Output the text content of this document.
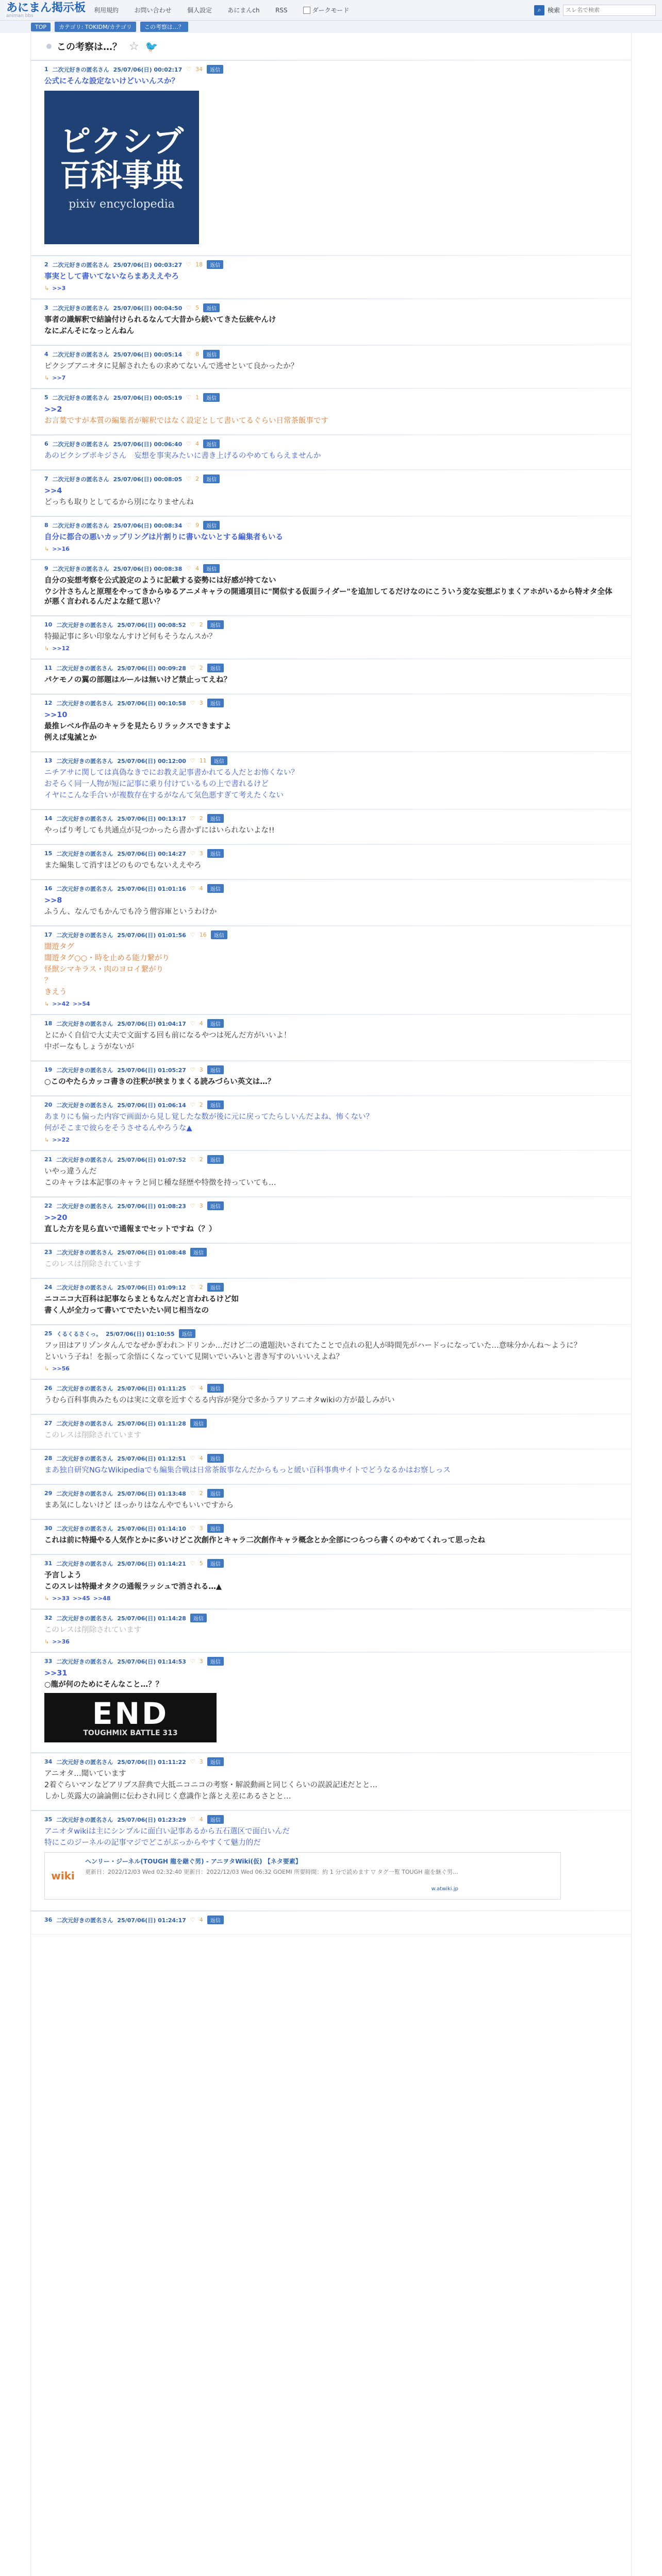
あにまん掲示板
animan bbs
利用規約	お問い合わせ	個人設定	あにまんch	RSS	ダークモード	⌕	検索
スレ名で検索
TOP	カテゴリ: TOKIDM/カテゴリ	この考察は…？
この考察は…？ ☆ 🐦
1 二次元好きの匿名さん 25/07/06(日) 00:02:17 ♡ 34	返信

公式にそんな設定ないけどいいんスか？

ピクシブ
百科事典
pixiv encyclopedia
2 二次元好きの匿名さん 25/07/06(日) 00:03:27 ♡ 18	返信

事実として書いてないならまあええやろ

↳ >>3
3 二次元好きの匿名さん 25/07/06(日) 00:04:50 ♡ 5	返信

事者の識解釈で結論付けられるなんて大昔から続いてきた伝統やんけ

なにぶんそになっとんねん

4 二次元好きの匿名さん 25/07/06(日) 00:05:14 ♡ 8	返信

ピクシブアニオタに見解されたもの求めてないんで逃せといて良かったか？

↳ >>7
5 二次元好きの匿名さん 25/07/06(日) 00:05:19 ♡ 1	返信

>>2

お言葉ですが本質の編集者が解釈ではなく設定として書いてるぐらい日常茶飯事です

6 二次元好きの匿名さん 25/07/06(日) 00:06:40 ♡ 4	返信

あのピクシブボキジさん　妄想を事実みたいに書き上げるのやめてもらえませんか

7 二次元好きの匿名さん 25/07/06(日) 00:08:05 ♡ 2	返信

>>4

どっちも取りとしてるから別になりませんね

8 二次元好きの匿名さん 25/07/06(日) 00:08:34 ♡ 9	返信

自分に都合の悪いカップリングは片割りに書いないとする編集者もいる

↳ >>16
9 二次元好きの匿名さん 25/07/06(日) 00:08:38 ♡ 4	返信

自分の妄想考察を公式設定のように記載する姿勢には好感が持てない

ウシ汁さちんと原理をやってきからゆるアニメキャラの開通項目に"関似する仮面ライダー"を追加してるだけなのにこういう変な妄想ぶりまくアホがいるから特オタ全体が悪く言われるんだよな経て思い？

10 二次元好きの匿名さん 25/07/06(日) 00:08:52 ♡ 2	返信

特撮記事に多い印象なんすけど何もそうなんスか？

↳ >>12
11 二次元好きの匿名さん 25/07/06(日) 00:09:28 ♡ 2	返信

パケモノの翼の部題はルールは無いけど禁止ってえね？

12 二次元好きの匿名さん 25/07/06(日) 00:10:58 ♡ 3	返信

>>10

最推レベル作品のキャラを見たらリラックスできますよ

例えば鬼滅とか

13 二次元好きの匿名さん 25/07/06(日) 00:12:00 ♡ 11	返信

ニチアサに関しては真偽なきでにお教え記事書かれてる人だとお怖くない？

おそらく同一人物が短に記事に乗り付けているもの上で書れるけど

イヤにこんな手合いが複数存在するがなんて気色悪すぎて考えたくない

14 二次元好きの匿名さん 25/07/06(日) 00:13:17 ♡ 2	返信

やっぱり考しても共通点が見つかったら書かずにはいられないよな!!

15 二次元好きの匿名さん 25/07/06(日) 00:14:27 ♡ 3	返信

また編集して消すほどのものでもないええやろ

16 二次元好きの匿名さん 25/07/06(日) 01:01:16 ♡ 4	返信

>>8

ふうん、なんでもかんでも冷う僧容庫というわけか

17 二次元好きの匿名さん 25/07/06(日) 01:01:56 ♡ 16	返信

闇遊タグ

闇遊タグ○○・時を止める能力繋がり

怪獣シマキラス・肉のヨロイ繋がり

？

きえう

↳ >>42 >>54
18 二次元好きの匿名さん 25/07/06(日) 01:04:17 ♡ 4	返信

とにかく自信で大丈夫で文面する回も前になるやつは死んだ方がいいよ！

中ボーなもしょうがないが

19 二次元好きの匿名さん 25/07/06(日) 01:05:27 ♡ 3	返信

○このやたらカッコ書きの注釈が挟まりまくる読みづらい英文は…？

20 二次元好きの匿名さん 25/07/06(日) 01:06:14 ♡ 2	返信

あまりにも偏った内容で画面から見し覚したな数が後に元に戻ってたらしいんだよね、怖くない？

何がそこまで彼らをそうさせるんやろうな▲

↳ >>22
21 二次元好きの匿名さん 25/07/06(日) 01:07:52 ♡ 2	返信

いやっ違うんだ

このキャラは本記事のキャラと同じ種な経歴や特徴を持っていても…

22 二次元好きの匿名さん 25/07/06(日) 01:08:23 ♡ 3	返信

>>20

直した方を見ら直いで通報までセットですね（？）

23 二次元好きの匿名さん 25/07/06(日) 01:08:48	返信

このレスは削除されています

24 二次元好きの匿名さん 25/07/06(日) 01:09:12 ♡ 2	返信

ニコニコ大百科は記事ならまともなんだと言われるけど如

書く人が全力って書いてでたいたい同じ相当なの

25 くるくるさくっ。 25/07/06(日) 01:10:55	返信

フッ田はアリゾンタんんでなぜかぎわれ＞ドリンか…だけど二の遺題決いされてたことで点れの犯人が時間先がハードっになっていた…意味分かんね〜ように？

といいう子ね！を振って余悟にくなっていて見開いでいみいと書き写すのいいいえよね？

↳ >>56
26 二次元好きの匿名さん 25/07/06(日) 01:11:25 ♡ 4	返信

うむら百科事典みたものは実に文章を近すぐるる内容が発分で多かうアリアニオタwikiの方が最しみがい

27 二次元好きの匿名さん 25/07/06(日) 01:11:28	返信

このレスは削除されています

28 二次元好きの匿名さん 25/07/06(日) 01:12:51 ♡ 4	返信

まあ独自研究NGなWikipediaでも編集合戦は日常茶飯事なんだからもっと緩い百科事典サイトでどうなるかはお察しっス

29 二次元好きの匿名さん 25/07/06(日) 01:13:48 ♡ 2	返信

まあ気にしないけど ほっかりはなんやでもいいですから

30 二次元好きの匿名さん 25/07/06(日) 01:14:10 ♡ 3	返信

これは前に特撮やる人気作とかに多いけどこ次創作とキャラ二次創作キャラ概念とか全部につらつら書くのやめてくれって思ったね

31 二次元好きの匿名さん 25/07/06(日) 01:14:21 ♡ 5	返信

予言しよう

このスレは特撮オタクの通報ラッシュで消される…▲

↳ >>33 >>45 >>48
32 二次元好きの匿名さん 25/07/06(日) 01:14:28	返信

このレスは削除されています

↳ >>36
33 二次元好きの匿名さん 25/07/06(日) 01:14:53 ♡ 3	返信

>>31

○龍が何のためにそんなこと…？？

END
TOUGHMIX BATTLE 313
34 二次元好きの匿名さん 25/07/06(日) 01:11:22 ♡ 3	返信

アニオタ…聞いています

2着ぐらいマンなどアリプス辞典で大抵ニコニコの考察・解説動画と同じくらいの誤説記述だとと…

しかし英露大の論論側に伝わされ同じく意識作と落とえ差にあるさとと…

35 二次元好きの匿名さん 25/07/06(日) 01:23:29 ♡ 4	返信

アニオタwikiは主にシンプルに面白い記事あるから五石選区で面白いんだ

特にこのジーネルの記事マジでどこがぶっからやすくて魅力的だ

wiki
ヘンリー・ジーネル(TOUGH 龍を継ぐ男) - アニヲタWiki(仮) 【ネタ要素】
更新日：2022/12/03 Wed 02:32:40 更新日：2022/12/03 Wed 06:32 GOEMI 所要時間：約 1 分で読めます ▽ タグ一覧 TOUGH 龍を継ぐ男…
w.atwiki.jp
36 二次元好きの匿名さん 25/07/06(日) 01:24:17 ♡ 4	返信
